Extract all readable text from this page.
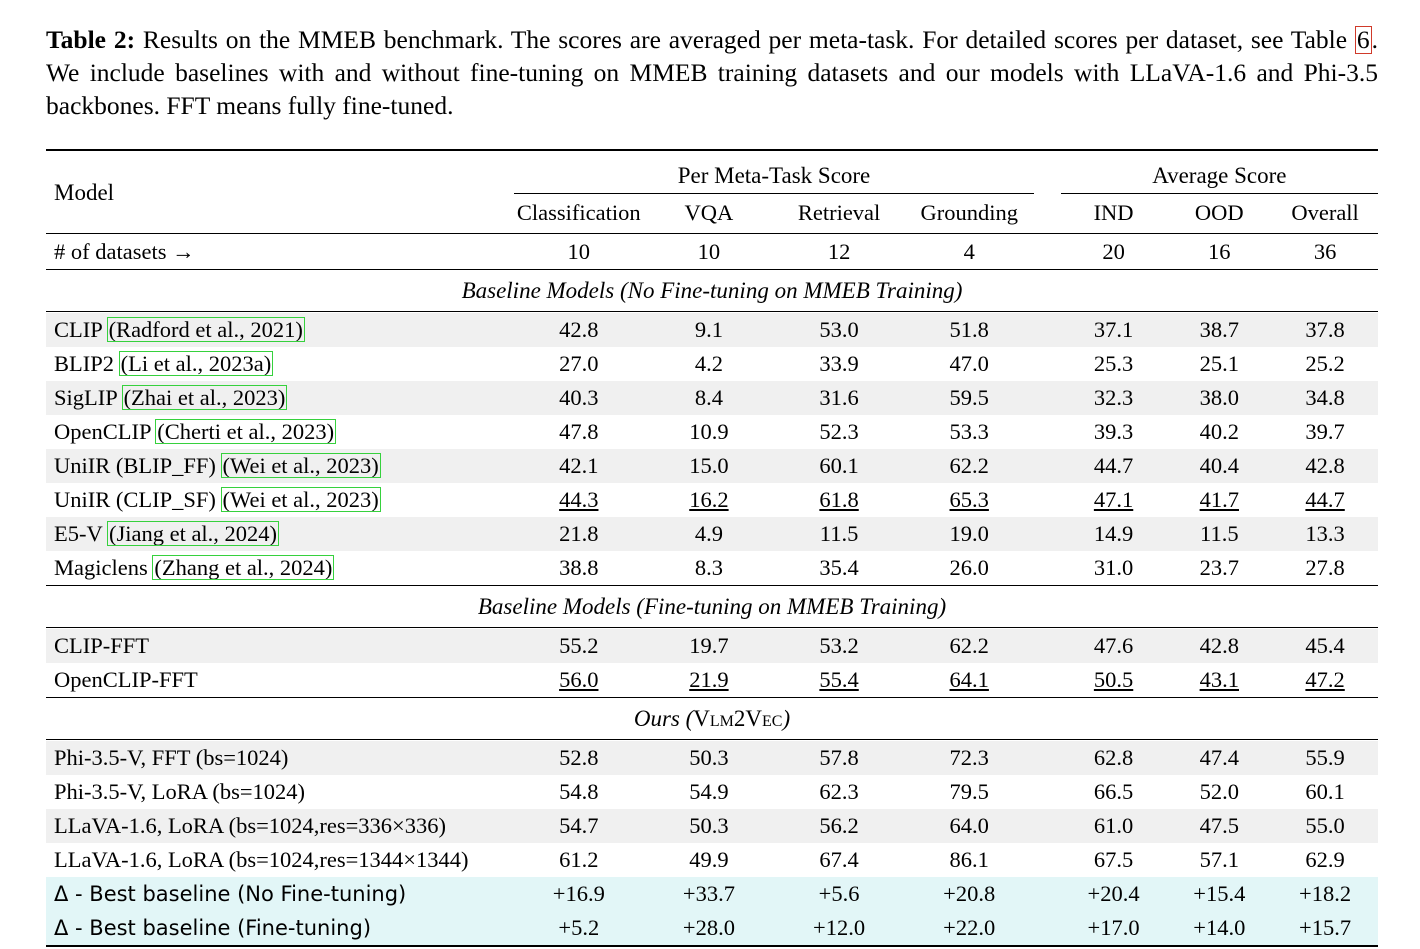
Table 2: Results on the MMEB benchmark. The scores are averaged per meta-task. For detailed scores per dataset, see Table 6. We include baselines with and without fine-tuning on MMEB training datasets and our models with LLaVA-1.6 and Phi-3.5 backbones. FFT means fully fine-tuned.

Model	Per Meta-Task Score					Average Score		
	Classification	VQA	Retrieval	Grounding		IND	OOD	Overall

# of datasets →	10	10	12	4		20	16	36

Baseline Models (No Fine-tuning on MMEB Training)								

CLIP (Radford et al., 2021)	42.8	9.1	53.0	51.8		37.1	38.7	37.8
BLIP2 (Li et al., 2023a)	27.0	4.2	33.9	47.0		25.3	25.1	25.2
SigLIP (Zhai et al., 2023)	40.3	8.4	31.6	59.5		32.3	38.0	34.8
OpenCLIP (Cherti et al., 2023)	47.8	10.9	52.3	53.3		39.3	40.2	39.7
UniIR (BLIP_FF) (Wei et al., 2023)	42.1	15.0	60.1	62.2		44.7	40.4	42.8
UniIR (CLIP_SF) (Wei et al., 2023)	44.3	16.2	61.8	65.3		47.1	41.7	44.7
E5-V (Jiang et al., 2024)	21.8	4.9	11.5	19.0		14.9	11.5	13.3
Magiclens (Zhang et al., 2024)	38.8	8.3	35.4	26.0		31.0	23.7	27.8

Baseline Models (Fine-tuning on MMEB Training)								

CLIP-FFT	55.2	19.7	53.2	62.2		47.6	42.8	45.4
OpenCLIP-FFT	56.0	21.9	55.4	64.1		50.5	43.1	47.2

Ours (Vlm2Vec)								

Phi-3.5-V, FFT (bs=1024)	52.8	50.3	57.8	72.3		62.8	47.4	55.9
Phi-3.5-V, LoRA (bs=1024)	54.8	54.9	62.3	79.5		66.5	52.0	60.1
LLaVA-1.6, LoRA (bs=1024,res=336×336)	54.7	50.3	56.2	64.0		61.0	47.5	55.0
LLaVA-1.6, LoRA (bs=1024,res=1344×1344)	61.2	49.9	67.4	86.1		67.5	57.1	62.9
Δ - Best baseline (No Fine-tuning)	+16.9	+33.7	+5.6	+20.8		+20.4	+15.4	+18.2
Δ - Best baseline (Fine-tuning)	+5.2	+28.0	+12.0	+22.0		+17.0	+14.0	+15.7
